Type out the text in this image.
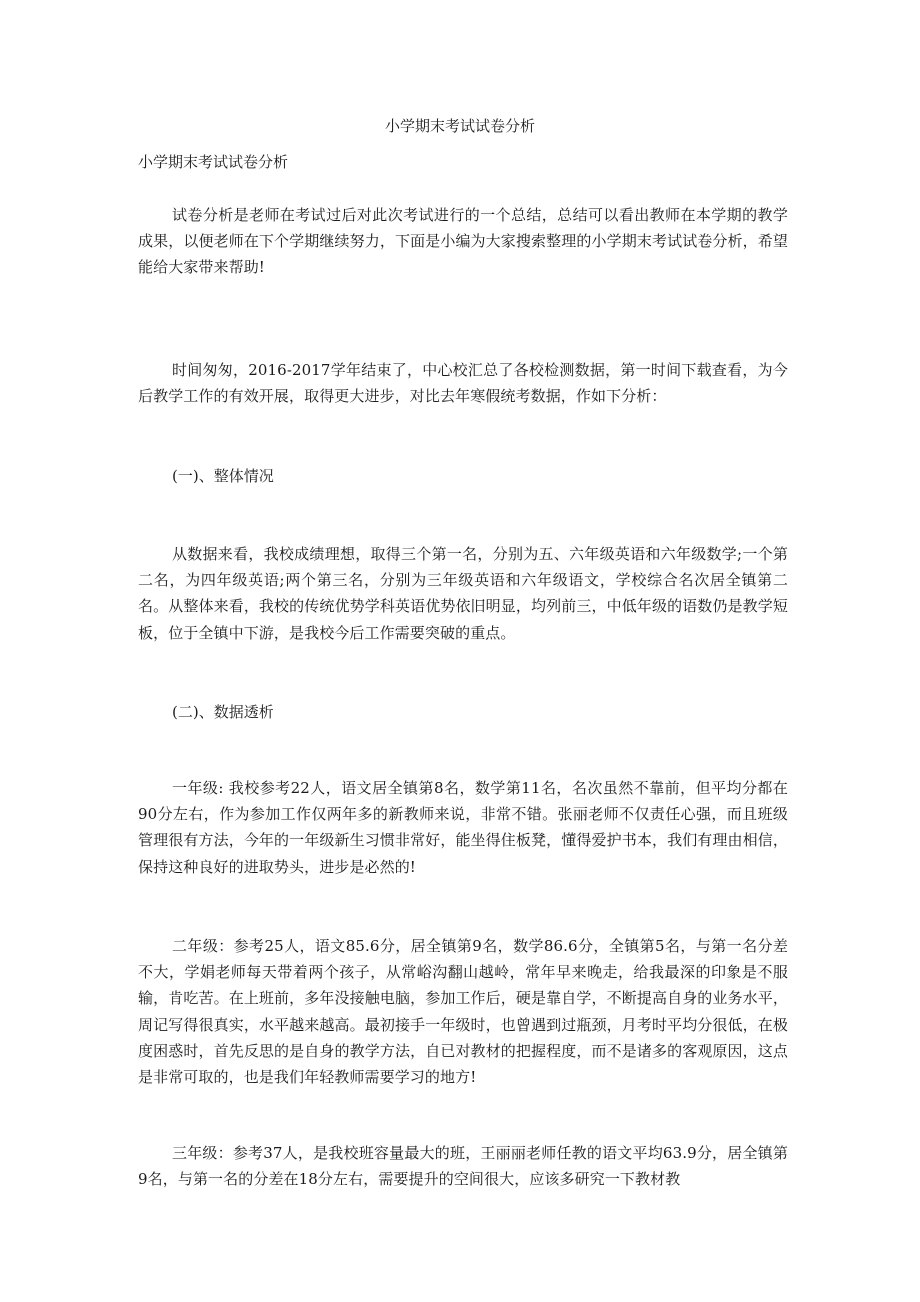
小学期末考试试卷分析

小学期末考试试卷分析

试卷分析是老师在考试过后对此次考试进行的一个总结，总结可以看出教师在本学期的教学成果，以便老师在下个学期继续努力，下面是小编为大家搜索整理的小学期末考试试卷分析，希望能给大家带来帮助!

时间匆匆，2016-2017学年结束了，中心校汇总了各校检测数据，第一时间下载查看，为今后教学工作的有效开展，取得更大进步，对比去年寒假统考数据，作如下分析：

(一)、整体情况

从数据来看，我校成绩理想，取得三个第一名，分别为五、六年级英语和六年级数学;一个第二名，为四年级英语;两个第三名，分别为三年级英语和六年级语文，学校综合名次居全镇第二名。从整体来看，我校的传统优势学科英语优势依旧明显，均列前三，中低年级的语数仍是教学短板，位于全镇中下游，是我校今后工作需要突破的重点。

(二)、数据透析

一年级: 我校参考22人，语文居全镇第8名，数学第11名，名次虽然不靠前，但平均分都在90分左右，作为参加工作仅两年多的新教师来说，非常不错。张丽老师不仅责任心强，而且班级管理很有方法，今年的一年级新生习惯非常好，能坐得住板凳，懂得爱护书本，我们有理由相信，保持这种良好的进取势头，进步是必然的!

二年级：参考25人，语文85.6分，居全镇第9名，数学86.6分，全镇第5名，与第一名分差不大，学娟老师每天带着两个孩子，从常峪沟翻山越岭，常年早来晚走，给我最深的印象是不服输，肯吃苦。在上班前，多年没接触电脑，参加工作后，硬是靠自学，不断提高自身的业务水平，周记写得很真实，水平越来越高。最初接手一年级时，也曾遇到过瓶颈，月考时平均分很低，在极度困惑时，首先反思的是自身的教学方法，自已对教材的把握程度，而不是诸多的客观原因，这点是非常可取的，也是我们年轻教师需要学习的地方!

三年级：参考37人，是我校班容量最大的班，王丽丽老师任教的语文平均63.9分，居全镇第9名，与第一名的分差在18分左右，需要提升的空间很大，应该多研究一下教材教
